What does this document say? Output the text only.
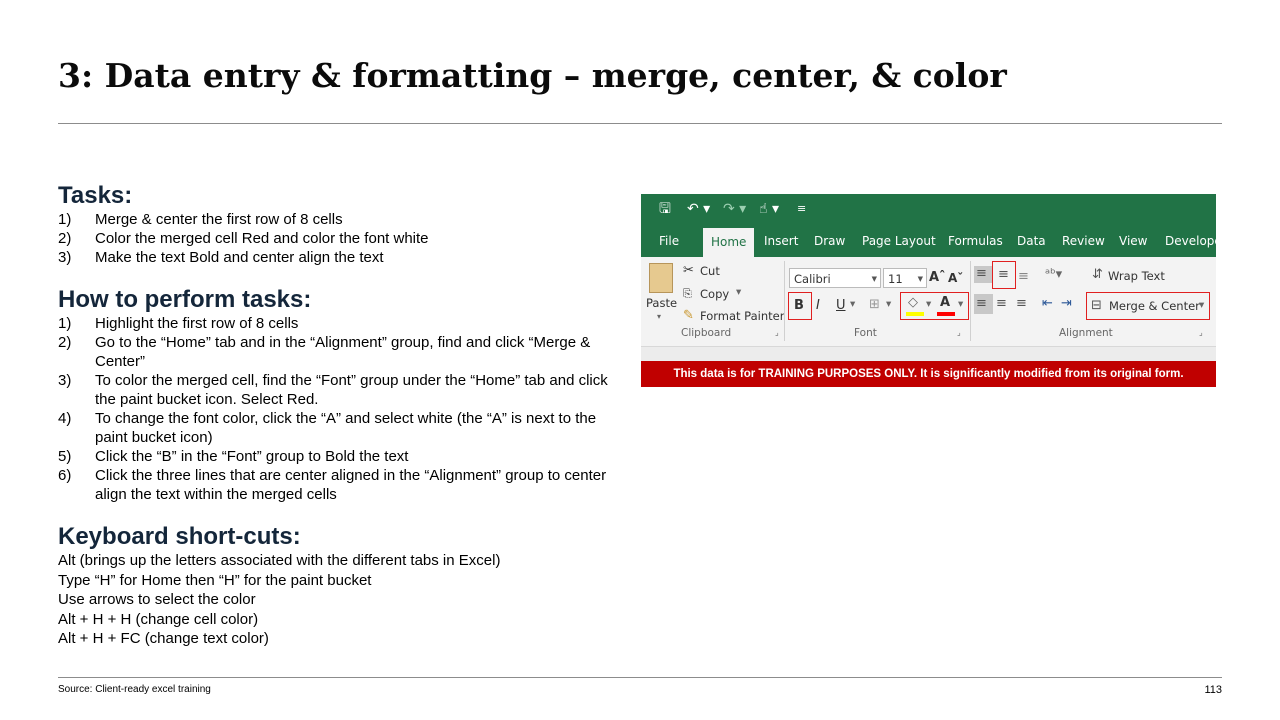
3: Data entry & formatting – merge, center, & color
Tasks:
1) Merge & center the first row of 8 cells
2) Color the merged cell Red and color the font white
3) Make the text Bold and center align the text
How to perform tasks:
1) Highlight the first row of 8 cells
2) Go to the “Home” tab and in the “Alignment” group, find and click “Merge & Center”
3) To color the merged cell, find the “Font” group under the “Home” tab and click the paint bucket icon. Select Red.
4) To change the font color, click the “A” and select white (the “A” is next to the paint bucket icon)
5) Click the “B” in the “Font” group to Bold the text
6) Click the three lines that are center aligned in the “Alignment” group to center align the text within the merged cells
Keyboard short-cuts:
Alt (brings up the letters associated with the different tabs in Excel)
Type “H” for Home then “H” for the paint bucket
Use arrows to select the color
Alt + H + H (change cell color)
Alt + H + FC (change text color)
🖫 ↶ ▾ ↷ ▾ ☝ ▾ ≡
File	Home	Insert Draw Page Layout Formulas Data Review View Develope
Paste
▾
✂ Cut
⎘ Copy ▾
✎ Format Painter
Clipboard	⌟
Calibri	▼ 11 ▼ Aˆ Aˇ
B I U ▾ ⊞ ▾ ◇ ▾ A ▾
Font	⌟
≡ ≡ ≡ ᵃᵇ▾ ⇵ Wrap Text
≡ ≡ ≡ ⇤ ⇥ ⊟ Merge & Center ▾
Alignment	⌟
This data is for TRAINING PURPOSES ONLY. It is significantly modified from its original form.
Source: Client-ready excel training	113
